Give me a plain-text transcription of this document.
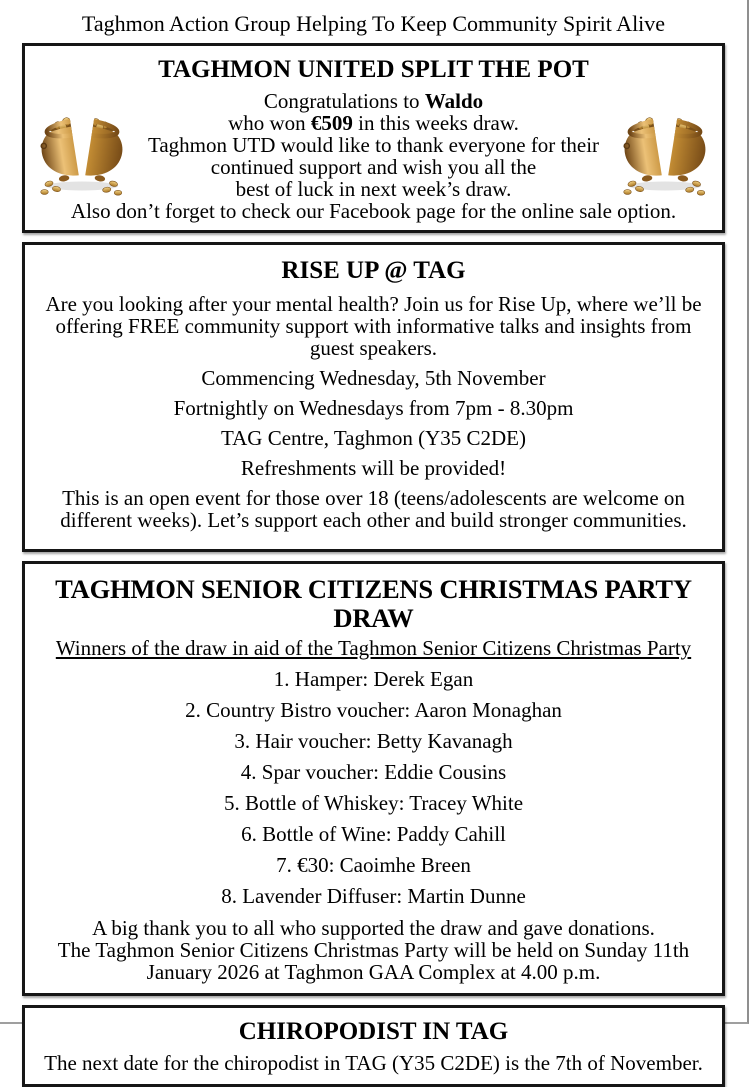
Taghmon Action Group Helping To Keep Community Spirit Alive
TAGHMON UNITED SPLIT THE POT
Congratulations to Waldo
who won €509 in this weeks draw.
Taghmon UTD would like to thank everyone for their
continued support and wish you all the
best of luck in next week’s draw.
Also don’t forget to check our Facebook page for the online sale option.
RISE UP @ TAG
Are you looking after your mental health? Join us for Rise Up, where we’ll be offering FREE community support with informative talks and insights from guest speakers.
Commencing Wednesday, 5th November
Fortnightly on Wednesdays from 7pm - 8.30pm
TAG Centre, Taghmon (Y35 C2DE)
Refreshments will be provided!
This is an open event for those over 18 (teens/adolescents are welcome on different weeks). Let’s support each other and build stronger communities.
TAGHMON SENIOR CITIZENS CHRISTMAS PARTY DRAW
Winners of the draw in aid of the Taghmon Senior Citizens Christmas Party
1. Hamper: Derek Egan
2. Country Bistro voucher: Aaron Monaghan
3. Hair voucher: Betty Kavanagh
4. Spar voucher: Eddie Cousins
5. Bottle of Whiskey: Tracey White
6. Bottle of Wine: Paddy Cahill
7. €30: Caoimhe Breen
8. Lavender Diffuser: Martin Dunne
A big thank you to all who supported the draw and gave donations.
The Taghmon Senior Citizens Christmas Party will be held on Sunday 11th January 2026 at Taghmon GAA Complex at 4.00 p.m.
CHIROPODIST IN TAG
The next date for the chiropodist in TAG (Y35 C2DE) is the 7th of November.
